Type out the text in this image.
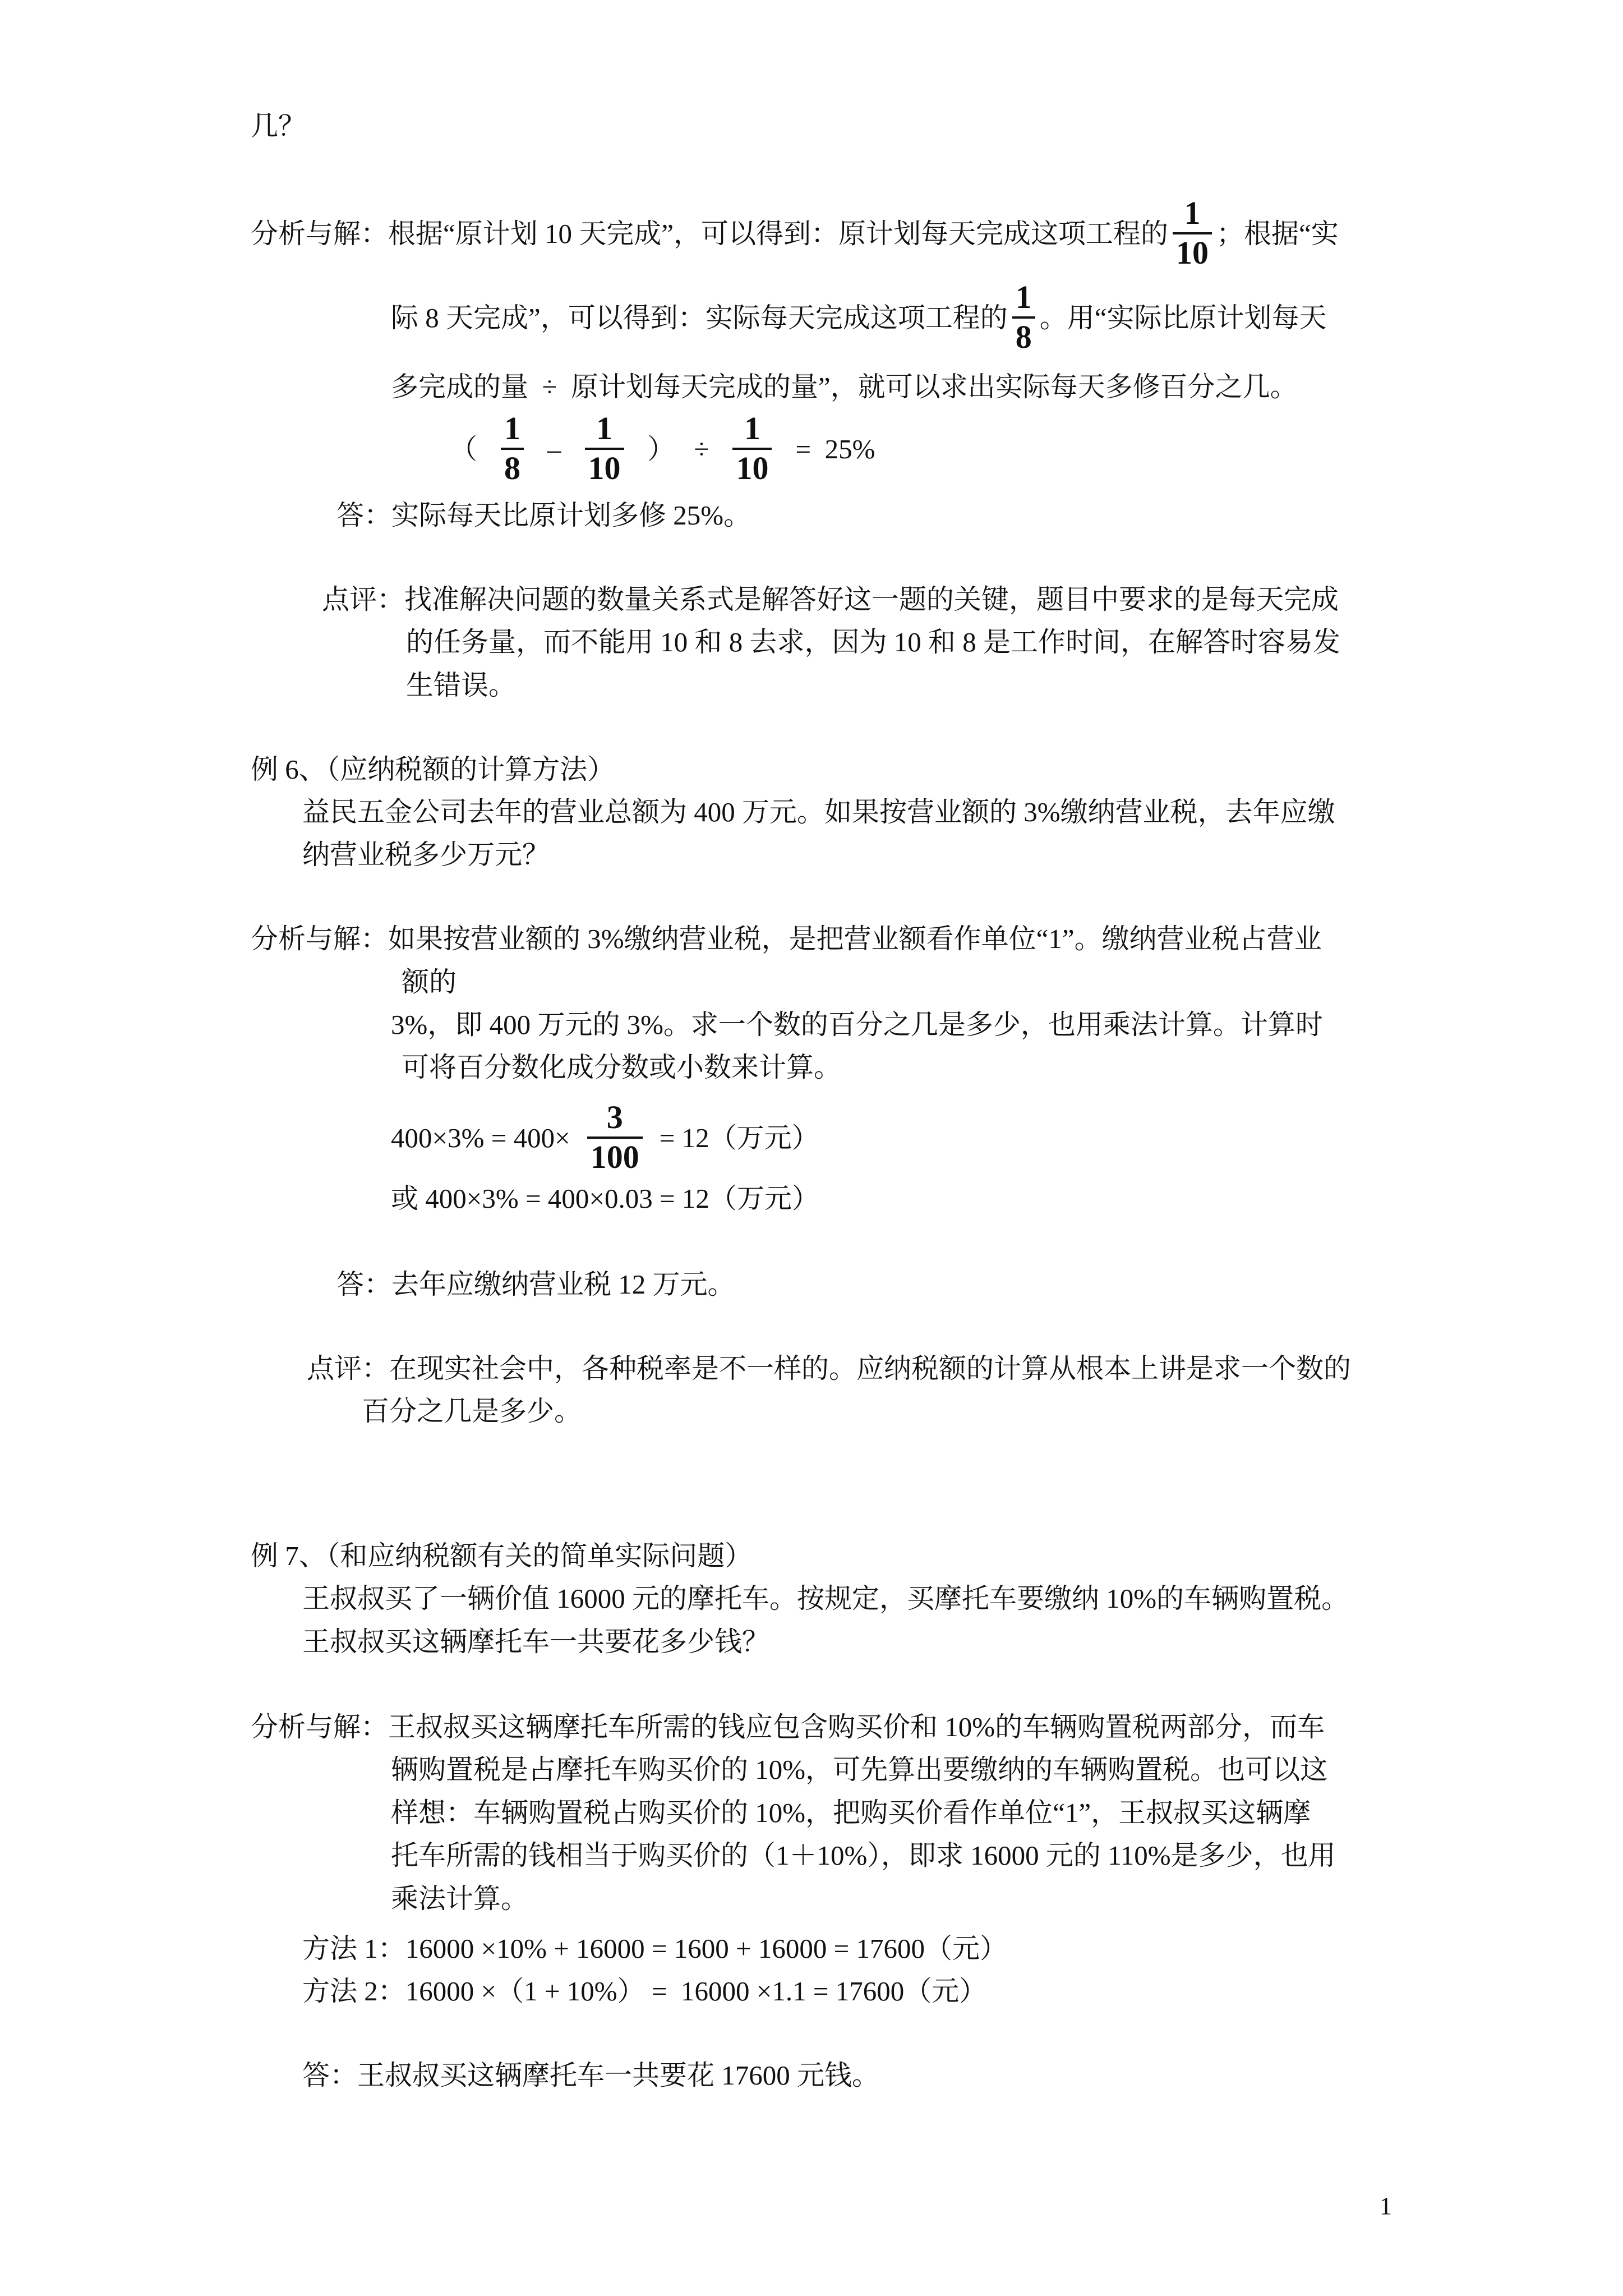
几？
分析与解：根据“原计划 10 天完成”，可以得到：原计划每天完成这项工程的 $\frac{1}{10}$ ；根据“实
际 8 天完成”，可以得到：实际每天完成这项工程的 $\frac{1}{8}$ 。用“实际比原计划每天
多完成的量  ÷  原计划每天完成的量”，就可以求出实际每天多修百分之几。
（ $\frac{1}{8} - \frac{1}{10}$ ） ÷ $\frac{1}{10} = 25\%$
答：实际每天比原计划多修 25%。
点评：找准解决问题的数量关系式是解答好这一题的关键，题目中要求的是每天完成
的任务量，而不能用 10 和 8 去求，因为 10 和 8 是工作时间，在解答时容易发
生错误。
例 6、（应纳税额的计算方法）
益民五金公司去年的营业总额为 400 万元。如果按营业额的 3%缴纳营业税，去年应缴
纳营业税多少万元？
分析与解：如果按营业额的 3%缴纳营业税，是把营业额看作单位“1”。缴纳营业税占营业
额的
3%，即 400 万元的 3%。求一个数的百分之几是多少，也用乘法计算。计算时
可将百分数化成分数或小数来计算。
$400\times 3\% = 400\times \frac{3}{100} = 12$（万元）
或 400×3% = 400×0.03 = 12（万元）
答：去年应缴纳营业税 12 万元。
点评：在现实社会中，各种税率是不一样的。应纳税额的计算从根本上讲是求一个数的
百分之几是多少。
例 7、（和应纳税额有关的简单实际问题）
王叔叔买了一辆价值 16000 元的摩托车。按规定，买摩托车要缴纳 10%的车辆购置税。
王叔叔买这辆摩托车一共要花多少钱？
分析与解：王叔叔买这辆摩托车所需的钱应包含购买价和 10%的车辆购置税两部分，而车
辆购置税是占摩托车购买价的 10%，可先算出要缴纳的车辆购置税。也可以这
样想：车辆购置税占购买价的 10%，把购买价看作单位“1”，王叔叔买这辆摩
托车所需的钱相当于购买价的（1＋10%），即求 16000 元的 110%是多少，也用
乘法计算。
方法 1：16000 ×10% + 16000 = 1600 + 16000 = 17600（元）
方法 2：16000 ×（1 + 10%） =  16000 ×1.1 = 17600（元）
答：王叔叔买这辆摩托车一共要花 17600 元钱。
1
